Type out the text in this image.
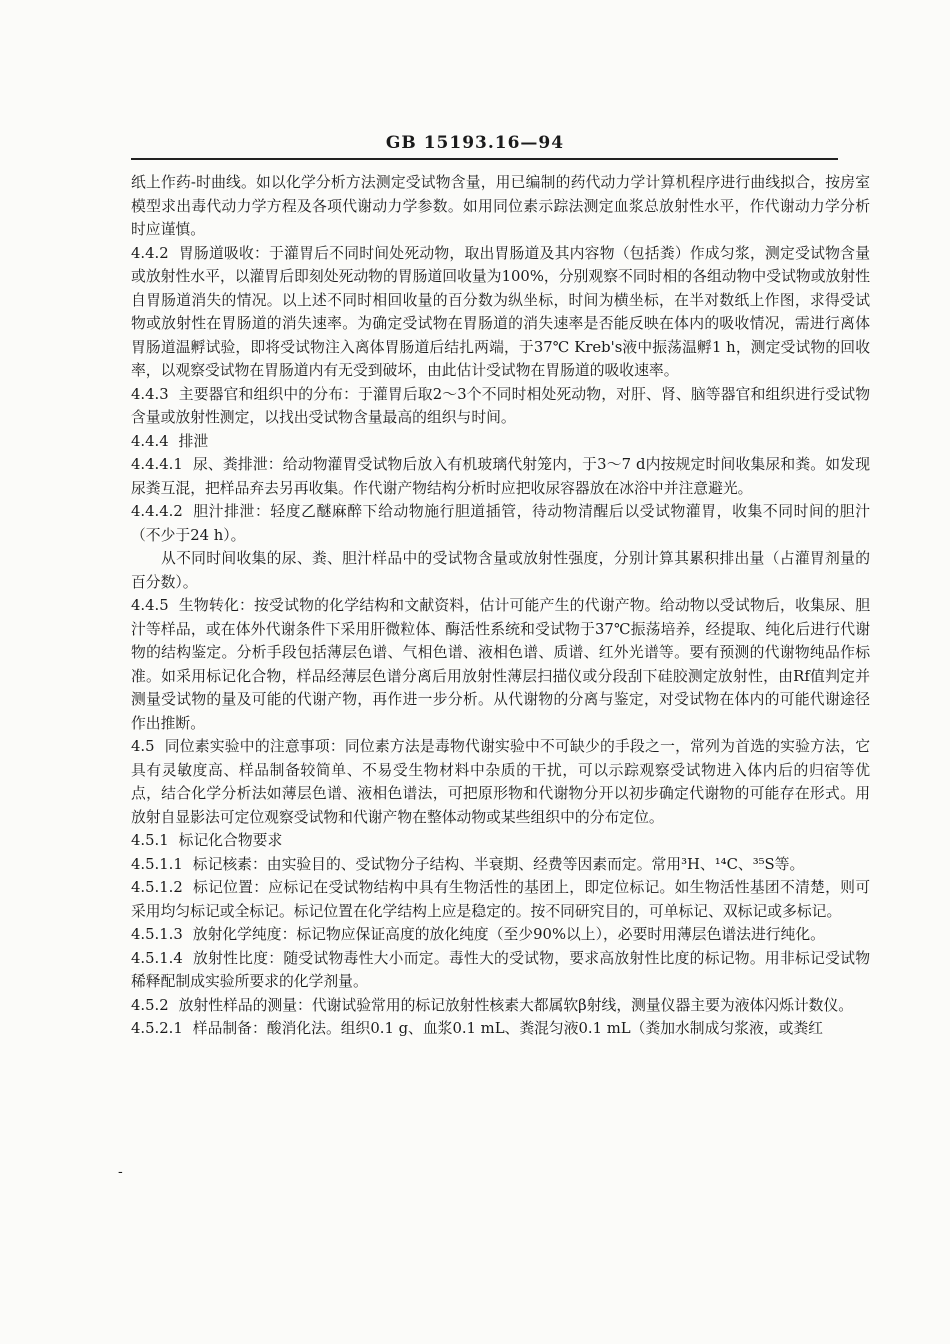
GB 15193.16—94
-

纸上作药-时曲线。如以化学分析方法测定受试物含量，用已编制的药代动力学计算机程序进行曲线拟合，按房室模型求出毒代动力学方程及各项代谢动力学参数。如用同位素示踪法测定血浆总放射性水平，作代谢动力学分析时应谨慎。

4.4.2 胃肠道吸收：于灌胃后不同时间处死动物，取出胃肠道及其内容物（包括粪）作成匀浆，测定受试物含量或放射性水平，以灌胃后即刻处死动物的胃肠道回收量为100%，分别观察不同时相的各组动物中受试物或放射性自胃肠道消失的情况。以上述不同时相回收量的百分数为纵坐标，时间为横坐标，在半对数纸上作图，求得受试物或放射性在胃肠道的消失速率。为确定受试物在胃肠道的消失速率是否能反映在体内的吸收情况，需进行离体胃肠道温孵试验，即将受试物注入离体胃肠道后结扎两端，于37℃ Kreb's液中振荡温孵1 h，测定受试物的回收率，以观察受试物在胃肠道内有无受到破坏，由此估计受试物在胃肠道的吸收速率。

4.4.3 主要器官和组织中的分布：于灌胃后取2～3个不同时相处死动物，对肝、肾、脑等器官和组织进行受试物含量或放射性测定，以找出受试物含量最高的组织与时间。

4.4.4 排泄

4.4.4.1 尿、粪排泄：给动物灌胃受试物后放入有机玻璃代射笼内，于3～7 d内按规定时间收集尿和粪。如发现尿粪互混，把样品弃去另再收集。作代谢产物结构分析时应把收尿容器放在冰浴中并注意避光。

4.4.4.2 胆汁排泄：轻度乙醚麻醉下给动物施行胆道插管，待动物清醒后以受试物灌胃，收集不同时间的胆汁（不少于24 h）。

从不同时间收集的尿、粪、胆汁样品中的受试物含量或放射性强度，分别计算其累积排出量（占灌胃剂量的百分数）。

4.4.5 生物转化：按受试物的化学结构和文献资料，估计可能产生的代谢产物。给动物以受试物后，收集尿、胆汁等样品，或在体外代谢条件下采用肝微粒体、酶活性系统和受试物于37℃振荡培养，经提取、纯化后进行代谢物的结构鉴定。分析手段包括薄层色谱、气相色谱、液相色谱、质谱、红外光谱等。要有预测的代谢物纯品作标准。如采用标记化合物，样品经薄层色谱分离后用放射性薄层扫描仪或分段刮下硅胶测定放射性，由Rf值判定并测量受试物的量及可能的代谢产物，再作进一步分析。从代谢物的分离与鉴定，对受试物在体内的可能代谢途径作出推断。

4.5 同位素实验中的注意事项：同位素方法是毒物代谢实验中不可缺少的手段之一，常列为首选的实验方法，它具有灵敏度高、样品制备较简单、不易受生物材料中杂质的干扰，可以示踪观察受试物进入体内后的归宿等优点，结合化学分析法如薄层色谱、液相色谱法，可把原形物和代谢物分开以初步确定代谢物的可能存在形式。用放射自显影法可定位观察受试物和代谢产物在整体动物或某些组织中的分布定位。

4.5.1 标记化合物要求

4.5.1.1 标记核素：由实验目的、受试物分子结构、半衰期、经费等因素而定。常用³H、¹⁴C、³⁵S等。

4.5.1.2 标记位置：应标记在受试物结构中具有生物活性的基团上，即定位标记。如生物活性基团不清楚，则可采用均匀标记或全标记。标记位置在化学结构上应是稳定的。按不同研究目的，可单标记、双标记或多标记。

4.5.1.3 放射化学纯度：标记物应保证高度的放化纯度（至少90%以上），必要时用薄层色谱法进行纯化。

4.5.1.4 放射性比度：随受试物毒性大小而定。毒性大的受试物，要求高放射性比度的标记物。用非标记受试物稀释配制成实验所要求的化学剂量。

4.5.2 放射性样品的测量：代谢试验常用的标记放射性核素大都属软β射线，测量仪器主要为液体闪烁计数仪。

4.5.2.1 样品制备：酸消化法。组织0.1 g、血浆0.1 mL、粪混匀液0.1 mL（粪加水制成匀浆液，或粪红
